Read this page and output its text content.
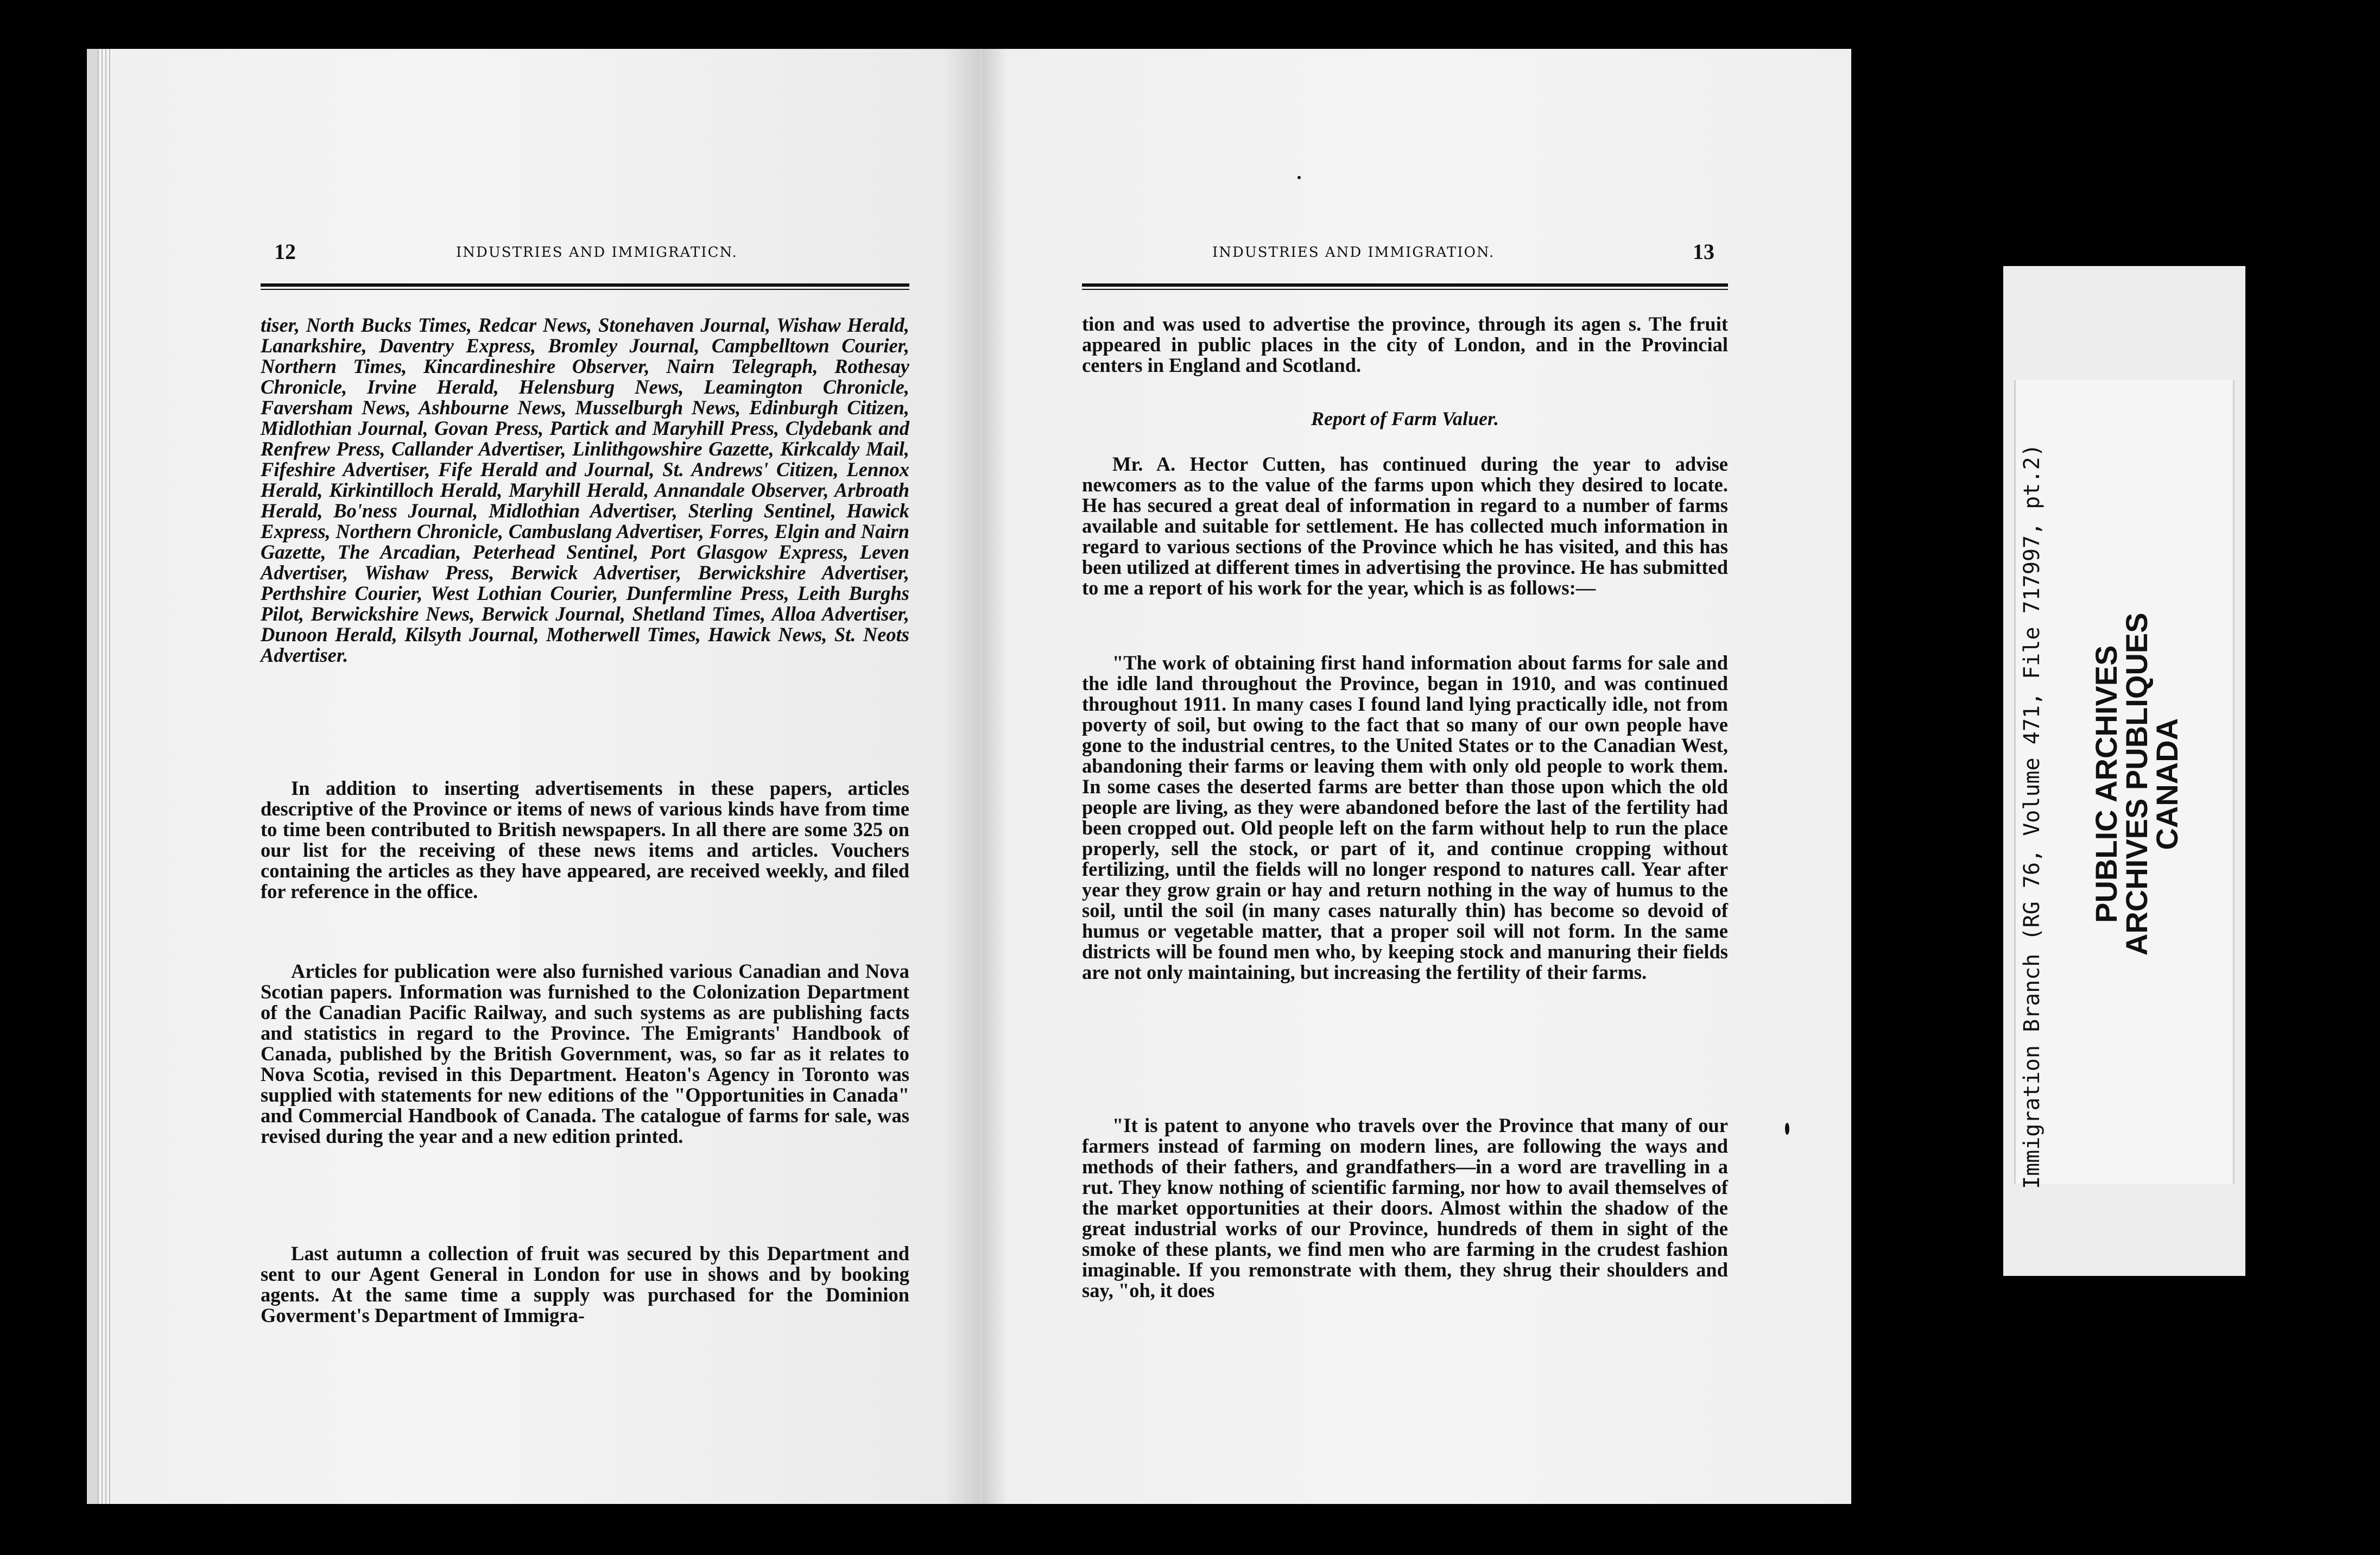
12	INDUSTRIES AND IMMIGRATICN.

tiser, North Bucks Times, Redcar News, Stonehaven Journal, Wishaw Herald, Lanarkshire, Daventry Express, Bromley Journal, Campbelltown Courier, Northern Times, Kincardineshire Observer, Nairn Telegraph, Rothesay Chronicle, Irvine Herald, Helensburg News, Leamington Chronicle, Faversham News, Ashbourne News, Musselburgh News, Edinburgh Citizen, Midlothian Journal, Govan Press, Partick and Maryhill Press, Clydebank and Renfrew Press, Callander Advertiser, Linlithgowshire Gazette, Kirkcaldy Mail, Fifeshire Advertiser, Fife Herald and Journal, St. Andrews' Citizen, Lennox Herald, Kirkintilloch Herald, Maryhill Herald, Annandale Observer, Arbroath Herald, Bo'ness Journal, Midlothian Advertiser, Sterling Sentinel, Hawick Express, Northern Chronicle, Cambuslang Advertiser, Forres, Elgin and Nairn Gazette, The Arcadian, Peterhead Sentinel, Port Glasgow Express, Leven Advertiser, Wishaw Press, Berwick Advertiser, Berwickshire Advertiser, Perthshire Courier, West Lothian Courier, Dunfermline Press, Leith Burghs Pilot, Berwickshire News, Berwick Journal, Shetland Times, Alloa Advertiser, Dunoon Herald, Kilsyth Journal, Motherwell Times, Hawick News, St. Neots Advertiser.

In addition to inserting advertisements in these papers, articles descriptive of the Province or items of news of various kinds have from time to time been contributed to British newspapers. In all there are some 325 on our list for the receiving of these news items and articles. Vouchers containing the articles as they have appeared, are received weekly, and filed for reference in the office.

Articles for publication were also furnished various Canadian and Nova Scotian papers. Information was furnished to the Colonization Department of the Canadian Pacific Railway, and such systems as are publishing facts and statistics in regard to the Province. The Emigrants' Handbook of Canada, published by the British Government, was, so far as it relates to Nova Scotia, revised in this Department. Heaton's Agency in Toronto was supplied with statements for new editions of the "Opportunities in Canada" and Commercial Handbook of Canada. The catalogue of farms for sale, was revised during the year and a new edition printed.

Last autumn a collection of fruit was secured by this Department and sent to our Agent General in London for use in shows and by booking agents. At the same time a supply was purchased for the Dominion Goverment's Department of Immigra-

INDUSTRIES AND IMMIGRATION.	13

tion and was used to advertise the province, through its agen s. The fruit appeared in public places in the city of London, and in the Provincial centers in England and Scotland.

Report of Farm Valuer.

Mr. A. Hector Cutten, has continued during the year to advise newcomers as to the value of the farms upon which they desired to locate. He has secured a great deal of information in regard to a number of farms available and suitable for settlement. He has collected much information in regard to various sections of the Province which he has visited, and this has been utilized at different times in advertising the province. He has submitted to me a report of his work for the year, which is as follows:—

"The work of obtaining first hand information about farms for sale and the idle land throughout the Province, began in 1910, and was continued throughout 1911. In many cases I found land lying practically idle, not from poverty of soil, but owing to the fact that so many of our own people have gone to the industrial centres, to the United States or to the Canadian West, abandoning their farms or leaving them with only old people to work them. In some cases the deserted farms are better than those upon which the old people are living, as they were abandoned before the last of the fertility had been cropped out. Old people left on the farm without help to run the place properly, sell the stock, or part of it, and continue cropping without fertilizing, until the fields will no longer respond to natures call. Year after year they grow grain or hay and return nothing in the way of humus to the soil, until the soil (in many cases naturally thin) has become so devoid of humus or vegetable matter, that a proper soil will not form. In the same districts will be found men who, by keeping stock and manuring their fields are not only maintaining, but increasing the fertility of their farms.

"It is patent to anyone who travels over the Province that many of our farmers instead of farming on modern lines, are following the ways and methods of their fathers, and grandfathers—in a word are travelling in a rut. They know nothing of scientific farming, nor how to avail themselves of the market opportunities at their doors. Almost within the shadow of the great industrial works of our Province, hundreds of them in sight of the smoke of these plants, we find men who are farming in the crudest fashion imaginable. If you remonstrate with them, they shrug their shoulders and say, "oh, it does

Immigration Branch (RG 76, Volume 471, File 717997, pt.2) PUBLIC ARCHIVES
ARCHIVES PUBLIQUES
CANADA
